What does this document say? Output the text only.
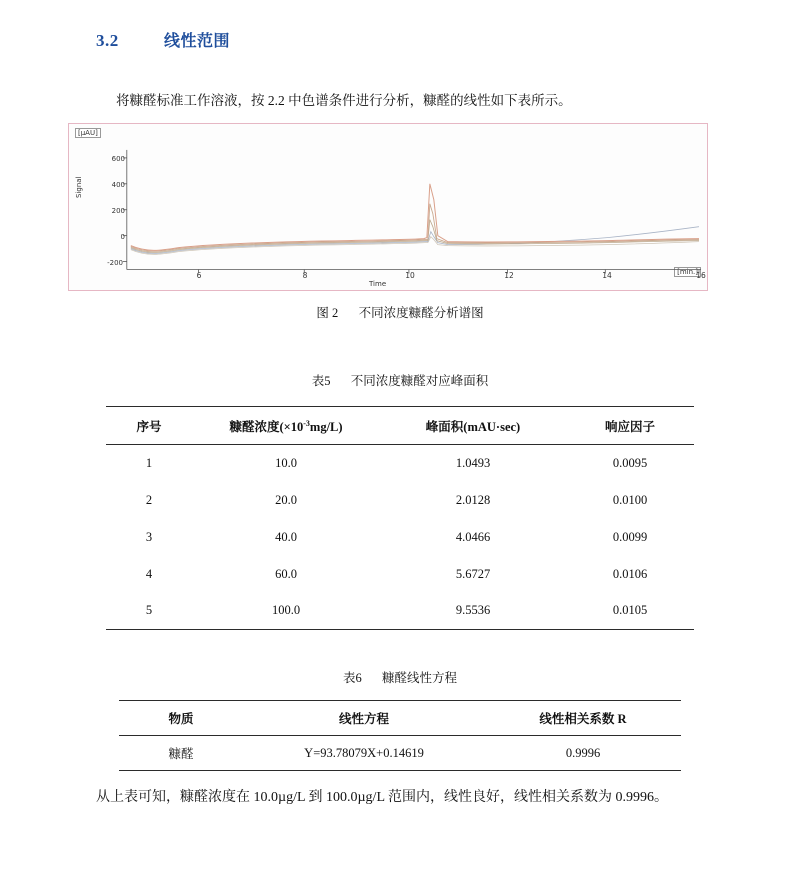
3.2	线性范围
将糠醛标准工作溶液，按 2.2 中色谱条件进行分析，糠醛的线性如下表所示。
[µAU]
[min.]
Signal
Time
600
400
200
0
-200
6	8	10	12	14	16
图 2 不同浓度糠醛分析谱图
表5 不同浓度糠醛对应峰面积
序号	糠醛浓度$(\times 10^{-3}mg/L)$	峰面积(mAU·sec)	响应因子
1	10.0	1.0493	0.0095
2	20.0	2.0128	0.0100
3	40.0	4.0466	0.0099
4	60.0	5.6727	0.0106
5	100.0	9.5536	0.0105
表6 糠醛线性方程
物质	线性方程	线性相关系数 R
糠醛	Y=93.78079X+0.14619	0.9996
从上表可知，糠醛浓度在 10.0µg/L 到 100.0µg/L 范围内，线性良好，线性相关系数为 0.9996。
